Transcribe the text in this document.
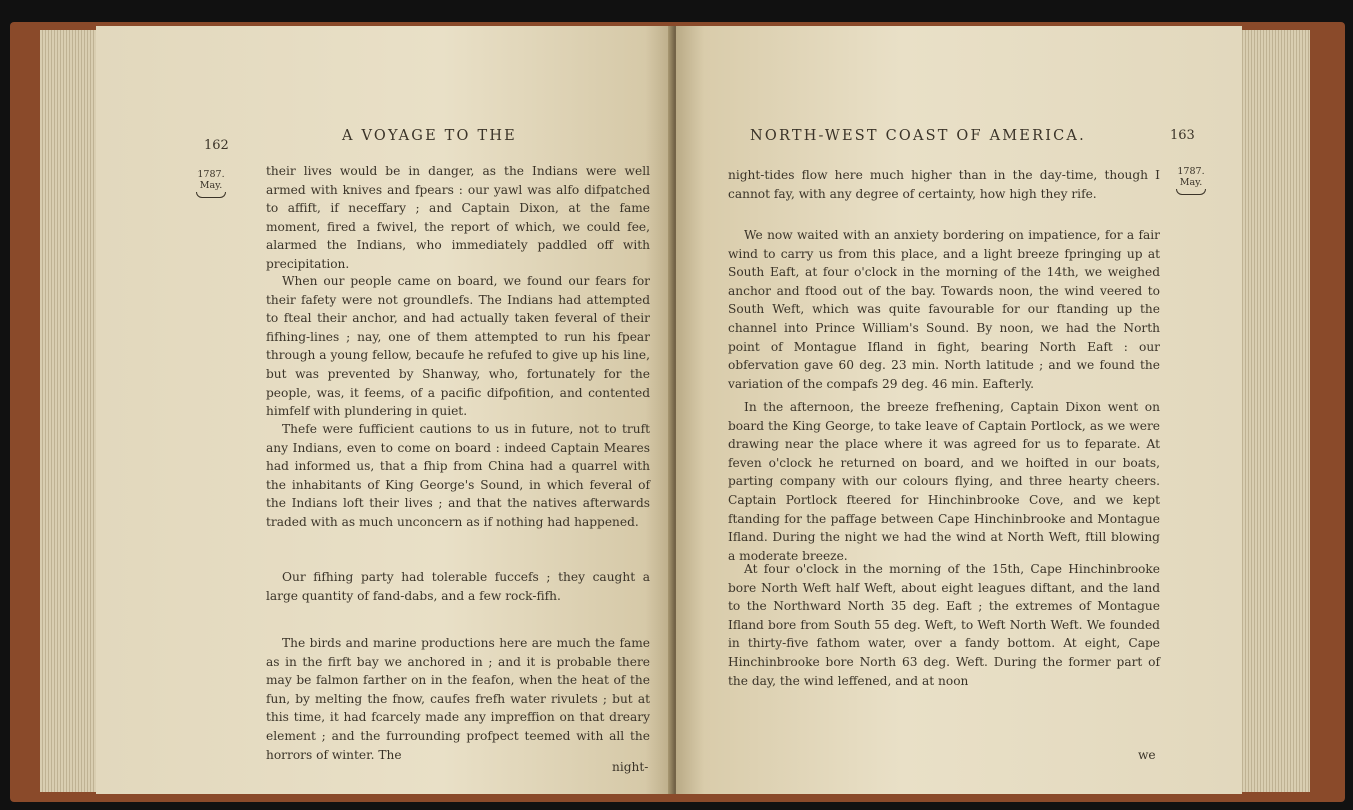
162
A VOYAGE TO THE
1787.
May.

their lives would be in danger, as the Indians were well armed with knives and fpears : our yawl was alfo difpatched to affift, if neceffary ; and Captain Dixon, at the fame moment, fired a fwivel, the report of which, we could fee, alarmed the Indians, who immediately paddled off with precipitation.

When our people came on board, we found our fears for their fafety were not groundlefs. The Indians had attempted to fteal their anchor, and had actually taken feveral of their fifhing-lines ; nay, one of them attempted to run his fpear through a young fellow, becaufe he refufed to give up his line, but was prevented by Shanway, who, fortunately for the people, was, it feems, of a pacific difpofition, and contented himfelf with plundering in quiet.

Thefe were fufficient cautions to us in future, not to truft any Indians, even to come on board : indeed Captain Meares had informed us, that a fhip from China had a quarrel with the inhabitants of King George's Sound, in which feveral of the Indians loft their lives ; and that the natives afterwards traded with as much unconcern as if nothing had happened.

Our fifhing party had tolerable fuccefs ; they caught a large quantity of fand-dabs, and a few rock-fifh.

The birds and marine productions here are much the fame as in the firft bay we anchored in ; and it is probable there may be falmon farther on in the feafon, when the heat of the fun, by melting the fnow, caufes frefh water rivulets ; but at this time, it had fcarcely made any impreffion on that dreary element ; and the furrounding profpect teemed with all the horrors of winter. The

night-
NORTH-WEST COAST OF AMERICA.	163
1787.
May.

night-tides flow here much higher than in the day-time, though I cannot fay, with any degree of certainty, how high they rife.

We now waited with an anxiety bordering on impatience, for a fair wind to carry us from this place, and a light breeze fpringing up at South Eaft, at four o'clock in the morning of the 14th, we weighed anchor and ftood out of the bay. Towards noon, the wind veered to South Weft, which was quite favourable for our ftanding up the channel into Prince William's Sound. By noon, we had the North point of Montague Ifland in fight, bearing North Eaft : our obfervation gave 60 deg. 23 min. North latitude ; and we found the variation of the compafs 29 deg. 46 min. Eafterly.

In the afternoon, the breeze frefhening, Captain Dixon went on board the King George, to take leave of Captain Portlock, as we were drawing near the place where it was agreed for us to feparate. At feven o'clock he returned on board, and we hoifted in our boats, parting company with our colours flying, and three hearty cheers. Captain Portlock fteered for Hinchinbrooke Cove, and we kept ftanding for the paffage between Cape Hinchinbrooke and Montague Ifland. During the night we had the wind at North Weft, ftill blowing a moderate breeze.

At four o'clock in the morning of the 15th, Cape Hinchinbrooke bore North Weft half Weft, about eight leagues diftant, and the land to the Northward North 35 deg. Eaft ; the extremes of Montague Ifland bore from South 55 deg. Weft, to Weft North Weft. We founded in thirty-five fathom water, over a fandy bottom. At eight, Cape Hinchinbrooke bore North 63 deg. Weft. During the former part of the day, the wind leffened, and at noon

we
